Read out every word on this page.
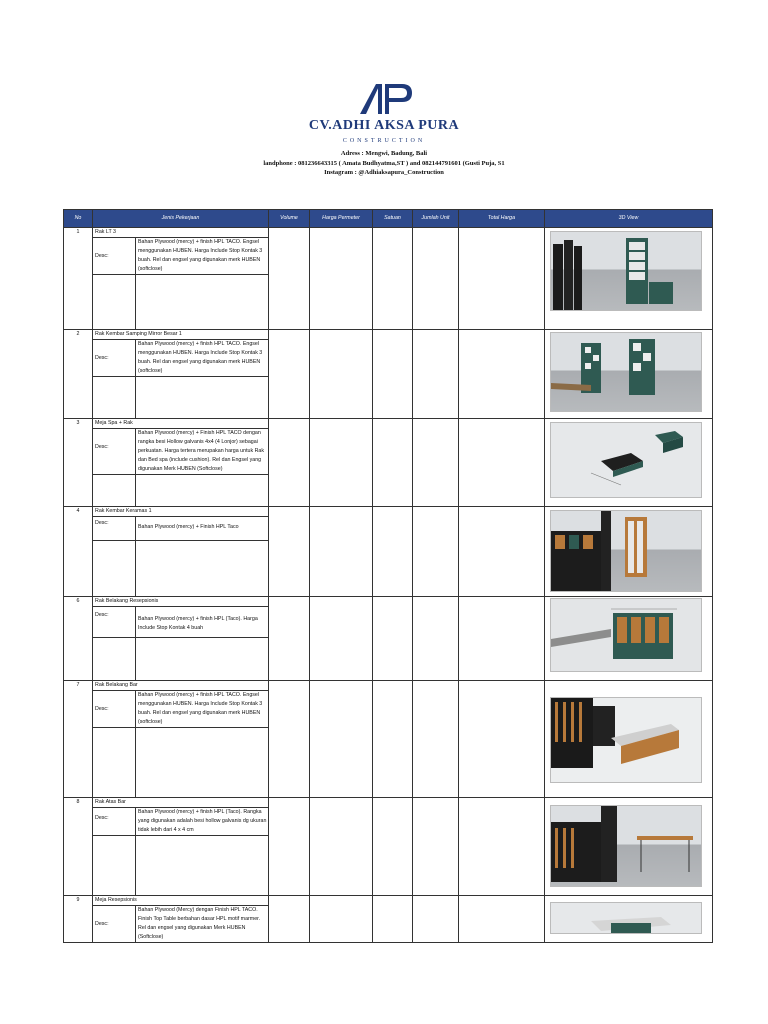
CV.ADHI AKSA PURA
CONSTRUCTION
Adress : Mengwi, Badung, Bali
landphone : 081236643315 ( Amata Budhyatma,ST ) and 082144791601 (Gusti Puja, S1
Instagram : @Adhiaksapura_Construction
No	Jenis Pekerjaan		Volume	Harga Permeter	Satuan	Jumlah Unit	Total Harga	3D View
1	Rak LT 3						

	Desc:	Bahan Plywood (mercy) + finish HPL TACO. Engsel menggunakan HUBEN. Harga Include Stop Kontak 3 buah. Rel dan engsel yang digunakan merk HUBEN (softclose)						

2	Rak Kembar Samping Mirror Besar 1						

	Desc:	Bahan Plywood (mercy) + finish HPL TACO. Engsel menggunakan HUBEN. Harga Include Stop Kontak 3 buah. Rel dan engsel yang digunakan merk HUBEN (softclose)						

3	Meja Spa + Rak						

	Desc:	Bahan Plywood (mercy) + Finish HPL TACO dengan rangka besi Hollow galvanis 4x4 (4 Lonjor) sebagai perkuatan. Harga tertera merupakan harga untuk Rak dan Bed spa (include cushion). Rel dan Engsel yang digunakan Merk HUBEN (Softclose)						

4	Rak Kembar Keramas 1						

	Desc:	Bahan Plywood (mercy) + Finish HPL Taco						

6	Rak Belakang Resepsionis						

	Desc:	Bahan Plywood (mercy) + finish HPL (Taco). Harga Include Stop Kontak 4 buah						

7	Rak Belakang Bar						

	Desc:	Bahan Plywood (mercy) + finish HPL TACO. Engsel menggunakan HUBEN. Harga Include Stop Kontak 3 buah. Rel dan engsel yang digunakan merk HUBEN (softclose)						

8	Rak Atas Bar						

	Desc:	Bahan Plywood (mercy) + finish HPL (Taco). Rangka yang digunakan adalah besi hollow galvanis dg ukuran tidak lebih dari 4 x 4 cm						

9	Meja Resepsionis						

	Desc:	Bahan Plywood (Mercy) dengan Finish HPL TACO. Finish Top Table berbahan dasar HPL motif marmer. Rel dan engsel yang digunakan Merk HUBEN (Softclose)						
